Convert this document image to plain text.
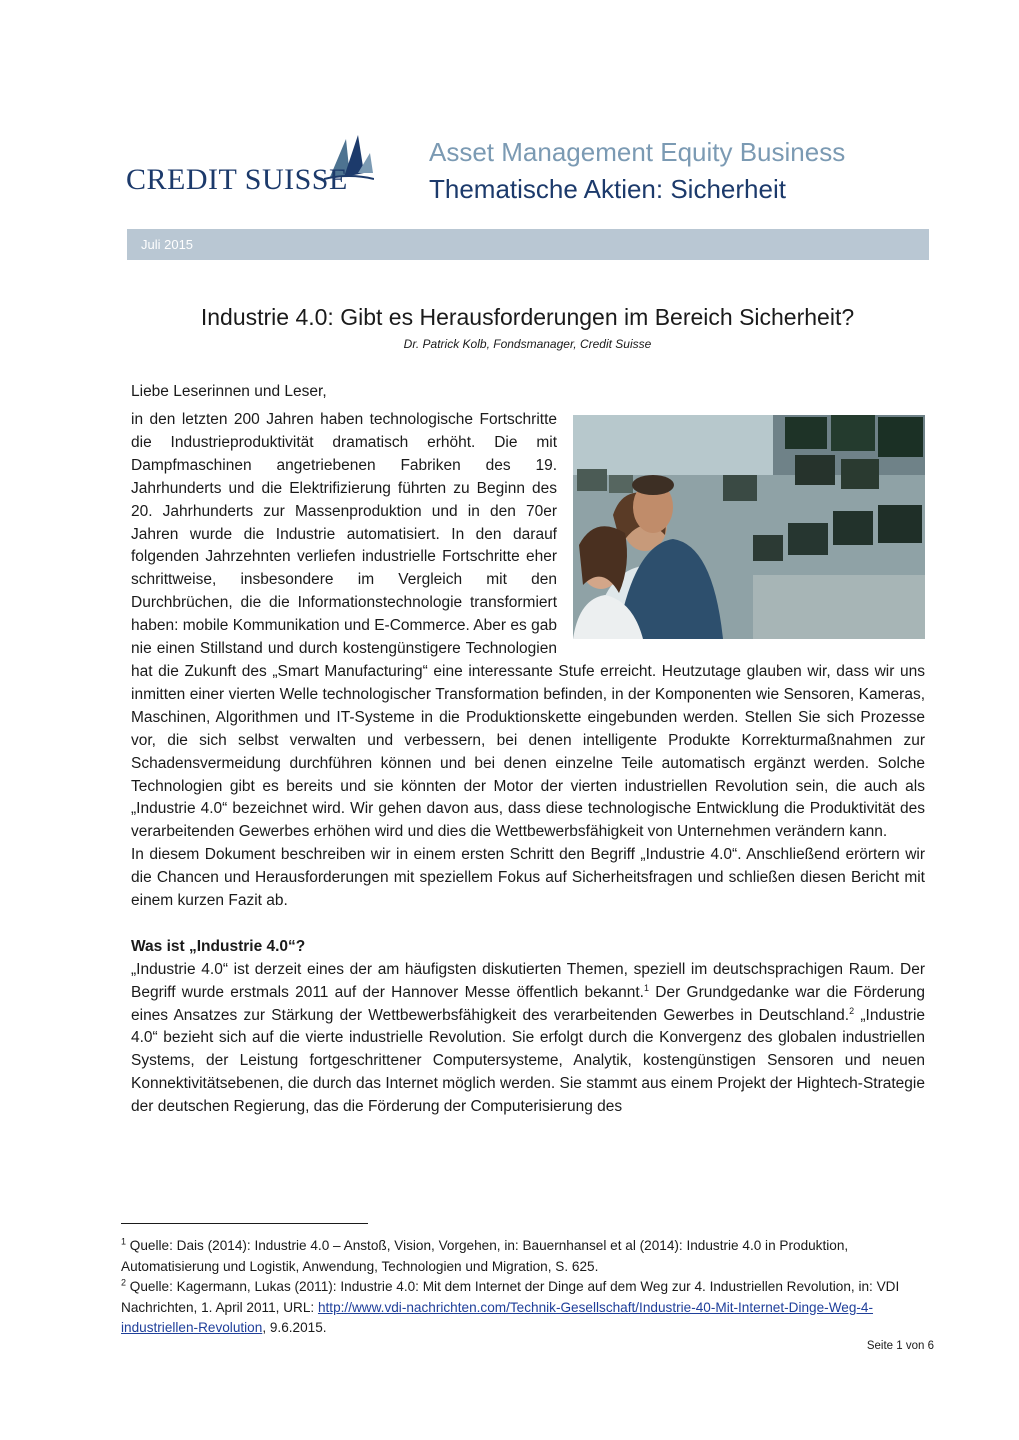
CREDIT SUISSE
Asset Management Equity Business
Thematische Aktien: Sicherheit
Juli 2015
Industrie 4.0: Gibt es Herausforderungen im Bereich Sicherheit?
Dr. Patrick Kolb, Fondsmanager, Credit Suisse
Liebe Leserinnen und Leser,

in den letzten 200 Jahren haben technologische Fortschritte die Industrieproduktivität dramatisch erhöht. Die mit Dampfmaschinen angetriebenen Fabriken des 19. Jahrhunderts und die Elektrifizierung führten zu Beginn des 20. Jahrhunderts zur Massenproduktion und in den 70er Jahren wurde die Industrie automatisiert. In den darauf folgenden Jahrzehnten verliefen industrielle Fortschritte eher schrittweise, insbesondere im Vergleich mit den Durchbrüchen, die die Informationstechnologie transformiert haben: mobile Kommunikation und E-Commerce. Aber es gab nie einen Stillstand und durch kostengünstigere Technologien hat die Zukunft des „Smart Manufacturing“ eine interessante Stufe erreicht. Heutzutage glauben wir, dass wir uns inmitten einer vierten Welle technologischer Transformation befinden, in der Komponenten wie Sensoren, Kameras, Maschinen, Algorithmen und IT-Systeme in die Produktionskette eingebunden werden. Stellen Sie sich Prozesse vor, die sich selbst verwalten und verbessern, bei denen intelligente Produkte Korrekturmaßnahmen zur Schadensvermeidung durchführen können und bei denen einzelne Teile automatisch ergänzt werden. Solche Technologien gibt es bereits und sie könnten der Motor der vierten industriellen Revolution sein, die auch als „Industrie 4.0“ bezeichnet wird. Wir gehen davon aus, dass diese technologische Entwicklung die Produktivität des verarbeitenden Gewerbes erhöhen wird und dies die Wettbewerbsfähigkeit von Unternehmen verändern kann.

In diesem Dokument beschreiben wir in einem ersten Schritt den Begriff „Industrie 4.0“. Anschließend erörtern wir die Chancen und Herausforderungen mit speziellem Fokus auf Sicherheitsfragen und schließen diesen Bericht mit einem kurzen Fazit ab.

Was ist „Industrie 4.0“?

„Industrie 4.0“ ist derzeit eines der am häufigsten diskutierten Themen, speziell im deutschsprachigen Raum. Der Begriff wurde erstmals 2011 auf der Hannover Messe öffentlich bekannt.$^1$ Der Grundgedanke war die Förderung eines Ansatzes zur Stärkung der Wettbewerbsfähigkeit des verarbeitenden Gewerbes in Deutschland.$^2$ „Industrie 4.0“ bezieht sich auf die vierte industrielle Revolution. Sie erfolgt durch die Konvergenz des globalen industriellen Systems, der Leistung fortgeschrittener Computersysteme, Analytik, kostengünstigen Sensoren und neuen Konnektivitätsebenen, die durch das Internet möglich werden. Sie stammt aus einem Projekt der Hightech-Strategie der deutschen Regierung, das die Förderung der Computerisierung des

$^1$ Quelle: Dais (2014): Industrie 4.0 – Anstoß, Vision, Vorgehen, in: Bauernhansel et al (2014): Industrie 4.0 in Produktion, Automatisierung und Logistik, Anwendung, Technologien und Migration, S. 625.

$^2$ Quelle: Kagermann, Lukas (2011): Industrie 4.0: Mit dem Internet der Dinge auf dem Weg zur 4. Industriellen Revolution, in: VDI Nachrichten, 1. April 2011, URL: http://www.vdi-nachrichten.com/Technik-Gesellschaft/Industrie-40-Mit-Internet-Dinge-Weg-4-industriellen-Revolution, 9.6.2015.

Seite 1 von 6
